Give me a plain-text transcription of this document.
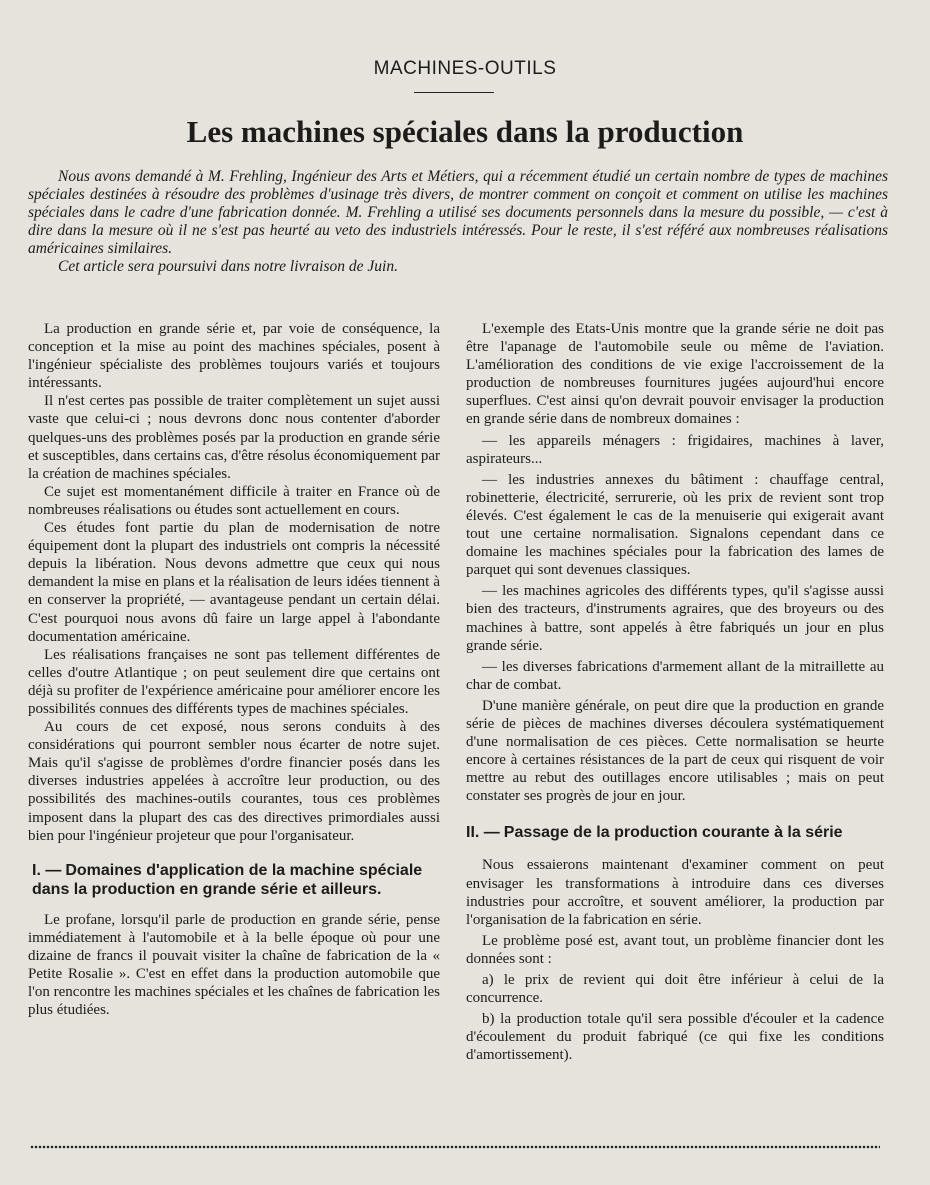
MACHINES-OUTILS
Les machines spéciales dans la production

Nous avons demandé à M. Frehling, Ingénieur des Arts et Métiers, qui a récemment étudié un certain nombre de types de machines spéciales destinées à résoudre des problèmes d'usinage très divers, de montrer comment on conçoit et comment on utilise les machines spéciales dans le cadre d'une fabrication donnée. M. Frehling a utilisé ses documents personnels dans la mesure du possible, — c'est à dire dans la mesure où il ne s'est pas heurté au veto des industriels intéressés. Pour le reste, il s'est référé aux nombreuses réalisations américaines similaires.

Cet article sera poursuivi dans notre livraison de Juin.

La production en grande série et, par voie de conséquence, la conception et la mise au point des machines spéciales, posent à l'ingénieur spécialiste des problèmes toujours variés et toujours intéressants.

Il n'est certes pas possible de traiter complètement un sujet aussi vaste que celui-ci ; nous devrons donc nous contenter d'aborder quelques-uns des problèmes posés par la production en grande série et susceptibles, dans certains cas, d'être résolus économiquement par la création de machines spéciales.

Ce sujet est momentanément difficile à traiter en France où de nombreuses réalisations ou études sont actuellement en cours.

Ces études font partie du plan de modernisation de notre équipement dont la plupart des industriels ont compris la nécessité depuis la libération. Nous devons admettre que ceux qui nous demandent la mise en plans et la réalisation de leurs idées tiennent à en conserver la propriété, — avantageuse pendant un certain délai. C'est pourquoi nous avons dû faire un large appel à l'abondante documentation américaine.

Les réalisations françaises ne sont pas tellement différentes de celles d'outre Atlantique ; on peut seulement dire que certains ont déjà su profiter de l'expérience américaine pour améliorer encore les possibilités connues des différents types de machines spéciales.

Au cours de cet exposé, nous serons conduits à des considérations qui pourront sembler nous écarter de notre sujet. Mais qu'il s'agisse de problèmes d'ordre financier posés dans les diverses industries appelées à accroître leur production, ou des possibilités des machines-outils courantes, tous ces problèmes imposent dans la plupart des cas des directives primordiales aussi bien pour l'ingénieur projeteur que pour l'organisateur.

I. — Domaines d'application de la machine spéciale dans la production en grande série et ailleurs.

Le profane, lorsqu'il parle de production en grande série, pense immédiatement à l'automobile et à la belle époque où pour une dizaine de francs il pouvait visiter la chaîne de fabrication de la « Petite Rosalie ». C'est en effet dans la production automobile que l'on rencontre les machines spéciales et les chaînes de fabrication les plus étudiées.

L'exemple des Etats-Unis montre que la grande série ne doit pas être l'apanage de l'automobile seule ou même de l'aviation. L'amélioration des conditions de vie exige l'accroissement de la production de nombreuses fournitures jugées aujourd'hui encore superflues. C'est ainsi qu'on devrait pouvoir envisager la production en grande série dans de nombreux domaines :

— les appareils ménagers : frigidaires, machines à laver, aspirateurs...

— les industries annexes du bâtiment : chauffage central, robinetterie, électricité, serrurerie, où les prix de revient sont trop élevés. C'est également le cas de la menuiserie qui exigerait avant tout une certaine normalisation. Signalons cependant dans ce domaine les machines spéciales pour la fabrication des lames de parquet qui sont devenues classiques.

— les machines agricoles des différents types, qu'il s'agisse aussi bien des tracteurs, d'instruments agraires, que des broyeurs ou des machines à battre, sont appelés à être fabriqués un jour en plus grande série.

— les diverses fabrications d'armement allant de la mitraillette au char de combat.

D'une manière générale, on peut dire que la production en grande série de pièces de machines diverses découlera systématiquement d'une normalisation de ces pièces. Cette normalisation se heurte encore à certaines résistances de la part de ceux qui risquent de voir mettre au rebut des outillages encore utilisables ; mais on peut constater ses progrès de jour en jour.

II. — Passage de la production courante à la série

Nous essaierons maintenant d'examiner comment on peut envisager les transformations à introduire dans ces diverses industries pour accroître, et souvent améliorer, la production par l'organisation de la fabrication en série.

Le problème posé est, avant tout, un problème financier dont les données sont :

a) le prix de revient qui doit être inférieur à celui de la concurrence.

b) la production totale qu'il sera possible d'écouler et la cadence d'écoulement du produit fabriqué (ce qui fixe les conditions d'amortissement).
